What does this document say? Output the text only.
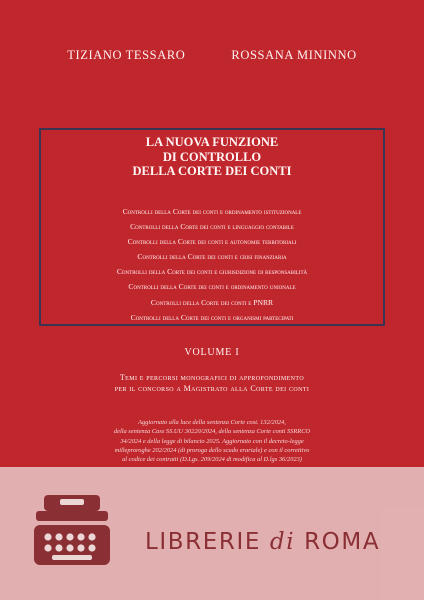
TIZIANO TESSARO	ROSSANA MININNO
LA NUOVA FUNZIONE
DI CONTROLLO
DELLA CORTE DEI CONTI
Controlli della Corte dei conti e ordinamento istituzionale
Controlli della Corte dei conti e linguaggio contabile
Controlli della Corte dei conti e autonomie territoriali
Controlli della Corte dei conti e crisi finanziaria
Controlli della Corte dei conti e giurisdizione di responsabilità
Controlli della Corte dei conti e ordinamento unionale
Controlli della Corte dei conti e PNRR
Controlli della Corte dei conti e organismi partecipati
VOLUME I
Temi e percorsi monografici di approfondimento
per il concorso a Magistrato alla Corte dei conti
Aggiornato alla luce della sentenza Corte cost. 132/2024,
della sentenza Cass SS.UU 30220/2024, della sentenza Corte conti SSRRCO
34/2024 e della legge di bilancio 2025. Aggiornato con il decreto-legge
milleproroghe 202/2024 (di proroga dello scudo erariale) e con il correttivo
al codice dei contratti (D.Lgs. 209/2024 di modifica al D.lgs 36/2023)
LIBRERIE di ROMA
